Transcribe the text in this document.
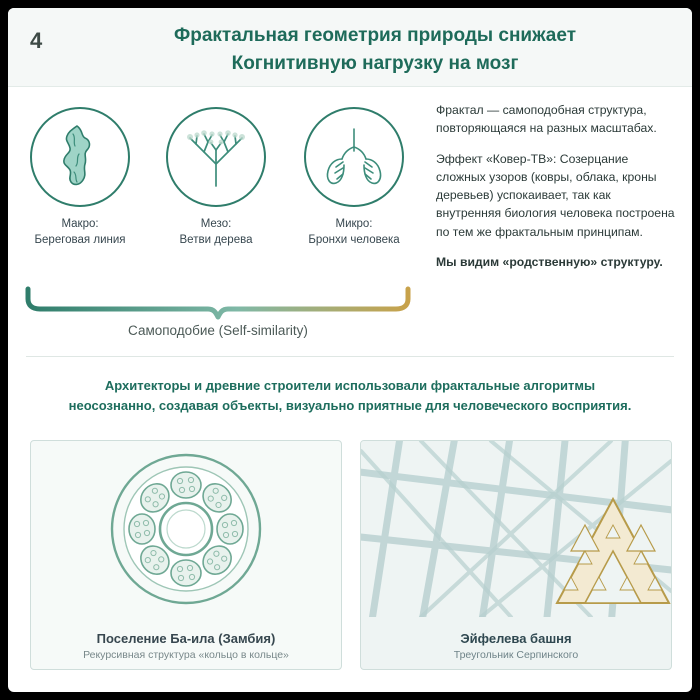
4	Фрактальная геометрия природы снижает
Когнитивную нагрузку на мозг
Макро:
Береговая линия
Мезо:
Ветви дерева
Микро:
Бронхи человека
Самоподобие (Self-similarity)

Фрактал — самоподобная структура, повторяющаяся на разных масштабах.

Эффект «Ковер-ТВ»: Созерцание сложных узоров (ковры, облака, кроны деревьев) успокаивает, так как внутренняя биология человека построена по тем же фрактальным принципам.

Мы видим «родственную» структуру.

Архитекторы и древние строители использовали фрактальные алгоритмы
неосознанно, создавая объекты, визуально приятные для человеческого восприятия.
Поселение Ба-ила (Замбия)
Рекурсивная структура «кольцо в кольце»
Эйфелева башня
Треугольник Серпинского
